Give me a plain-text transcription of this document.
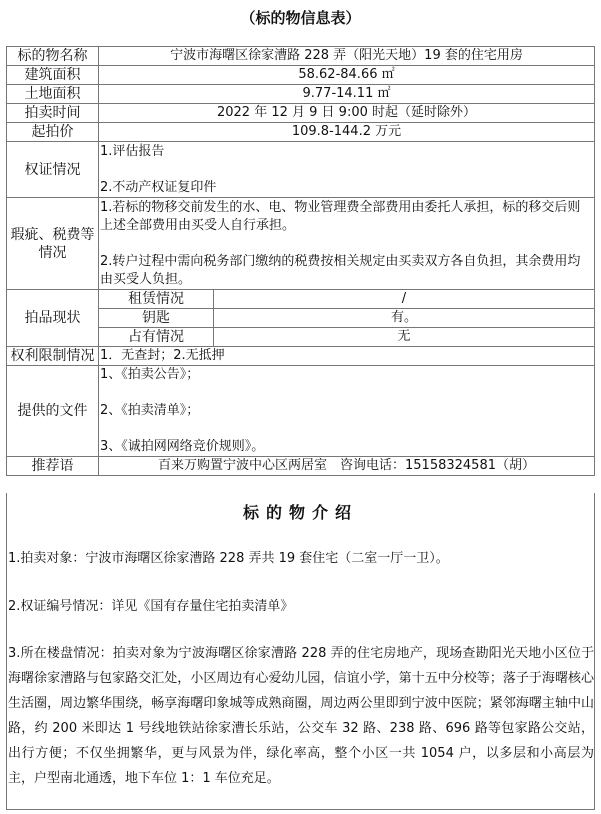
（标的物信息表）
标的物名称	宁波市海曙区徐家漕路 228 弄（阳光天地）19 套的住宅用房	
建筑面积	58.62-84.66 ㎡	
土地面积	9.77-14.11 ㎡	
拍卖时间	2022 年 12 月 9 日 9:00 时起（延时除外）	
起拍价	109.8-144.2 万元	
权证情况	1.评估报告

2.不动产权证复印件	

瑕疵、税费等情况	1.若标的物移交前发生的水、电、物业管理费全部费用由委托人承担，标的移交后则上述全部费用由买受人自行承担。

2.转户过程中需向税务部门缴纳的税费按相关规定由买卖双方各自负担，其余费用均由买受人负担。	

拍品现状	租赁情况	/
	钥匙	有。
	占有情况	无
权利限制情况	1．无查封；2.无抵押	
提供的文件	1、《拍卖公告》；

2、《拍卖清单》；

3、《诚拍网网络竞价规则》。	

推荐语	百来万购置宁波中心区两居室　咨询电话：15158324581（胡）	
标的物介绍

1.拍卖对象：宁波市海曙区徐家漕路 228 弄共 19 套住宅（二室一厅一卫）。

2.权证编号情况：详见《国有存量住宅拍卖清单》

3.所在楼盘情况：拍卖对象为宁波海曙区徐家漕路 228 弄的住宅房地产，现场查勘阳光天地小区位于海曙徐家漕路与包家路交汇处，小区周边有心爱幼儿园，信谊小学，第十五中分校等；落子于海曙核心生活圈，周边繁华围绕，畅享海曙印象城等成熟商圈，周边两公里即到宁波中医院；紧邻海曙主轴中山路，约 200 米即达 1 号线地铁站徐家漕长乐站，公交车 32 路、238 路、696 路等包家路公交站，出行方便；不仅坐拥繁华，更与风景为伴，绿化率高，整个小区一共 1054 户，以多层和小高层为主，户型南北通透，地下车位 1：1 车位充足。
